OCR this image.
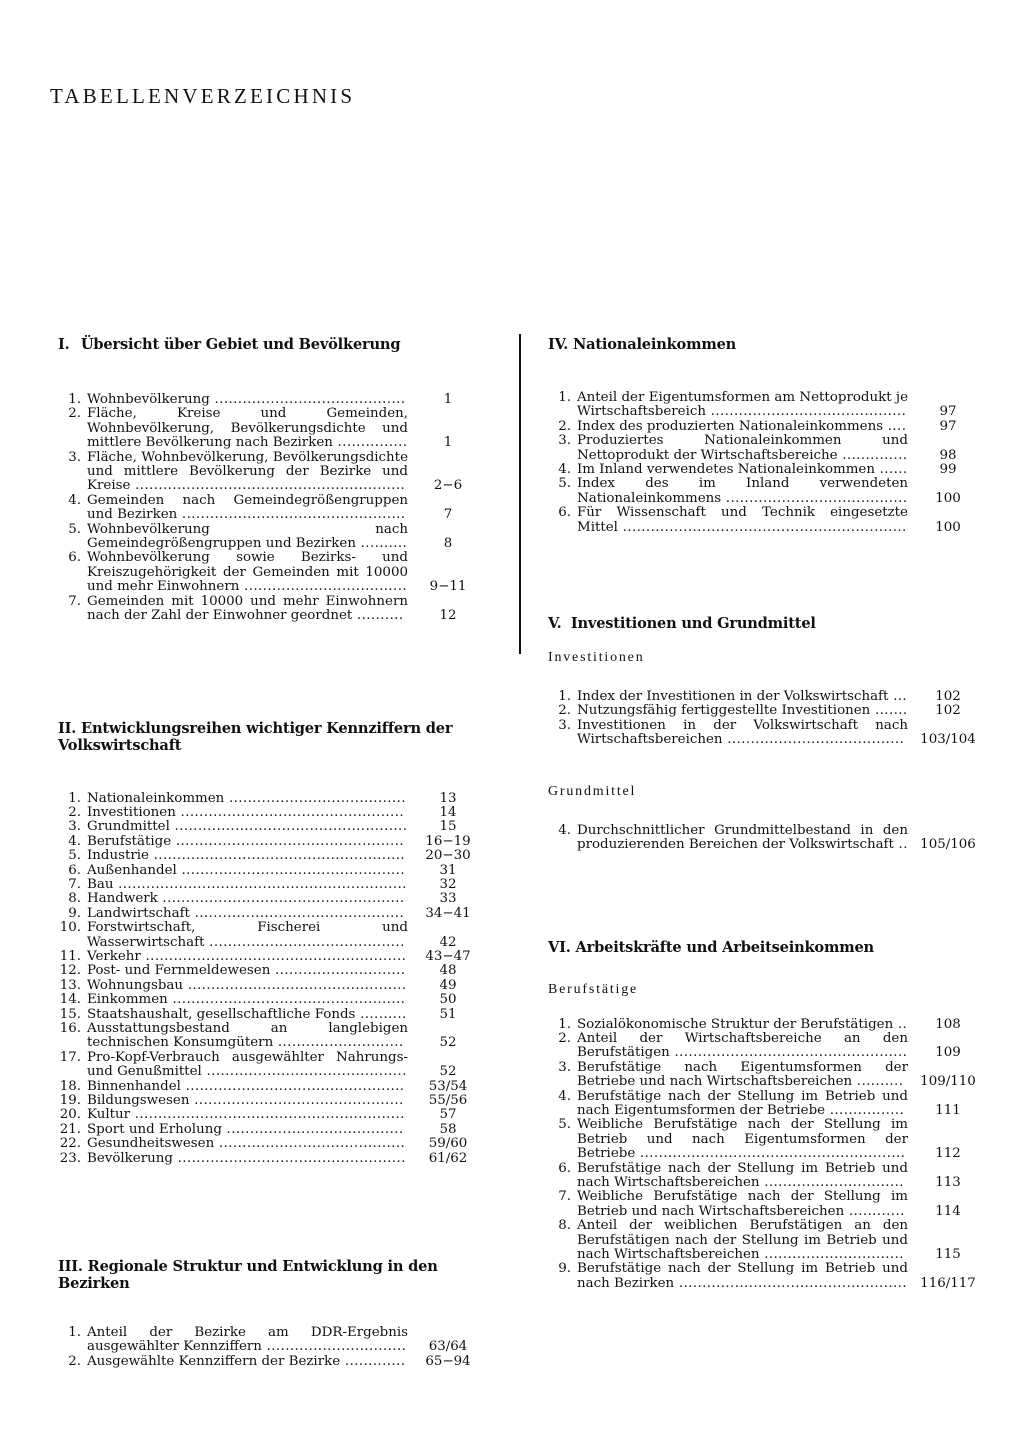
TABELLENVERZEICHNIS
I. Übersicht über Gebiet und Bevölkerung
1. Wohnbevölkerung .........................................	1
2. Fläche, Kreise und Gemeinden, Wohnbevölkerung, Bevölkerungsdichte und mittlere Bevölkerung nach Bezirken ...............	1
3. Fläche, Wohnbevölkerung, Bevölkerungsdichte und mittlere Bevölkerung der Bezirke und Kreise ..........................................................	2−6
4. Gemeinden nach Gemeindegrößengruppen und Bezirken ................................................	7
5. Wohnbevölkerung nach Gemeindegrößengruppen und Bezirken ..........	8
6. Wohnbevölkerung sowie Bezirks- und Kreiszugehörigkeit der Gemeinden mit 10000 und mehr Einwohnern ...................................	9−11
7. Gemeinden mit 10000 und mehr Einwohnern nach der Zahl der Einwohner geordnet ..........	12
II. Entwicklungsreihen wichtiger Kennziffern der Volkswirtschaft
1. Nationaleinkommen ......................................	13
2. Investitionen ................................................	14
3. Grundmittel ..................................................	15
4. Berufstätige .................................................	16−19
5. Industrie ......................................................	20−30
6. Außenhandel ................................................	31
7. Bau ..............................................................	32
8. Handwerk ....................................................	33
9. Landwirtschaft .............................................	34−41
10. Forstwirtschaft, Fischerei und Wasserwirtschaft ..........................................	42
11. Verkehr ........................................................	43−47
12. Post- und Fernmeldewesen ............................	48
13. Wohnungsbau ...............................................	49
14. Einkommen ..................................................	50
15. Staatshaushalt, gesellschaftliche Fonds ..........	51
16. Ausstattungsbestand an langlebigen technischen Konsumgütern ...........................	52
17. Pro-Kopf-Verbrauch ausgewählter Nahrungs- und Genußmittel ...........................................	52
18. Binnenhandel ...............................................	53/54
19. Bildungswesen .............................................	55/56
20. Kultur ..........................................................	57
21. Sport und Erholung ......................................	58
22. Gesundheitswesen ........................................	59/60
23. Bevölkerung .................................................	61/62
III. Regionale Struktur und Entwicklung in den Bezirken
1. Anteil der Bezirke am DDR-Ergebnis ausgewählter Kennziffern ..............................	63/64
2. Ausgewählte Kennziffern der Bezirke .............	65−94
IV. Nationaleinkommen
1. Anteil der Eigentumsformen am Nettoprodukt je Wirtschaftsbereich ..........................................	97
2. Index des produzierten Nationaleinkommens ....	97
3. Produziertes Nationaleinkommen und Nettoprodukt der Wirtschaftsbereiche ..............	98
4. Im Inland verwendetes Nationaleinkommen ......	99
5. Index des im Inland verwendeten Nationaleinkommens .......................................	100
6. Für Wissenschaft und Technik eingesetzte Mittel .............................................................	100
V. Investitionen und Grundmittel
Investitionen
1. Index der Investitionen in der Volkswirtschaft ...	102
2. Nutzungsfähig fertiggestellte Investitionen .......	102
3. Investitionen in der Volkswirtschaft nach Wirtschaftsbereichen ......................................	103/104
Grundmittel
4. Durchschnittlicher Grundmittelbestand in den produzierenden Bereichen der Volkswirtschaft .. 105/106
VI. Arbeitskräfte und Arbeitseinkommen
Berufstätige
1. Sozialökonomische Struktur der Berufstätigen ..	108
2. Anteil der Wirtschaftsbereiche an den Berufstätigen ..................................................	109
3. Berufstätige nach Eigentumsformen der Betriebe und nach Wirtschaftsbereichen ..........	109/110
4. Berufstätige nach der Stellung im Betrieb und nach Eigentumsformen der Betriebe ................	111
5. Weibliche Berufstätige nach der Stellung im Betrieb und nach Eigentumsformen der Betriebe .........................................................	112
6. Berufstätige nach der Stellung im Betrieb und nach Wirtschaftsbereichen ..............................	113
7. Weibliche Berufstätige nach der Stellung im Betrieb und nach Wirtschaftsbereichen ............	114
8. Anteil der weiblichen Berufstätigen an den Berufstätigen nach der Stellung im Betrieb und nach Wirtschaftsbereichen ..............................	115
9. Berufstätige nach der Stellung im Betrieb und nach Bezirken ................................................. 116/117
